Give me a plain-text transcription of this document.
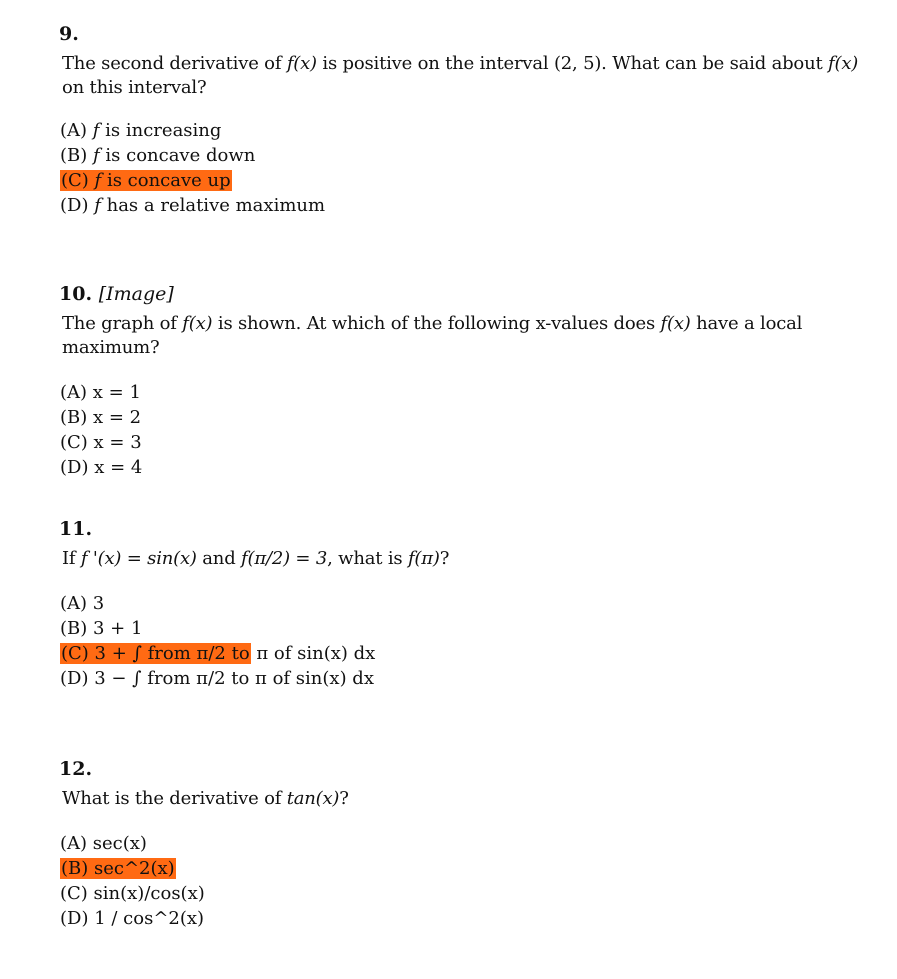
9.

The second derivative of f(x) is positive on the interval (2, 5). What can be said about f(x) on this interval?

(A) f is increasing
(B) f is concave down
(C) f is concave up
(D) f has a relative maximum

10. [Image]

The graph of f(x) is shown. At which of the following x-values does f(x) have a local maximum?

(A) x = 1
(B) x = 2
(C) x = 3
(D) x = 4

11.

If f '(x) = sin(x) and f(π/2) = 3, what is f(π)?

(A) 3
(B) 3 + 1
(C) 3 + ∫ from π/2 to π of sin(x) dx
(D) 3 − ∫ from π/2 to π of sin(x) dx

12.

What is the derivative of tan(x)?

(A) sec(x)
(B) sec^2(x)
(C) sin(x)/cos(x)
(D) 1 / cos^2(x)
